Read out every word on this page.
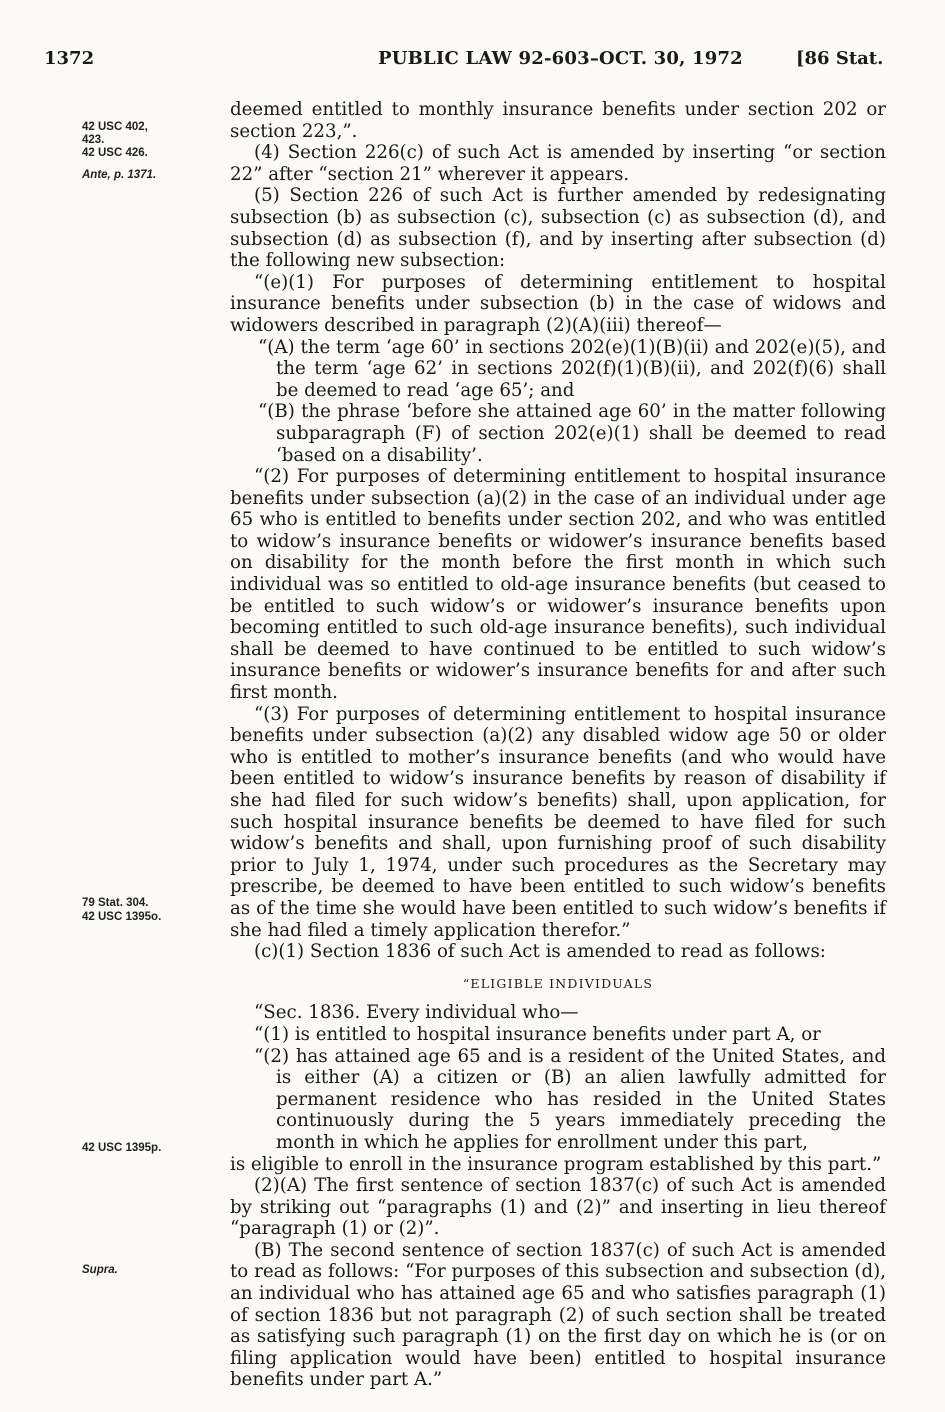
1372	PUBLIC LAW 92-603–OCT. 30, 1972	[86 Stat.
42 USC 402,
423.
42 USC 426.
Ante, p. 1371.
79 Stat. 304.
42 USC 1395o.
42 USC 1395p.
Supra.

deemed entitled to monthly insurance benefits under section 202 or section 223,”.

(4) Section 226(c) of such Act is amended by inserting “or section 22” after “section 21” wherever it appears.

(5) Section 226 of such Act is further amended by redesignating subsection (b) as subsection (c), subsection (c) as subsection (d), and subsection (d) as subsection (f), and by inserting after subsection (d) the following new subsection:

“(e)(1) For purposes of determining entitlement to hospital insurance benefits under subsection (b) in the case of widows and widowers described in paragraph (2)(A)(iii) thereof—

“(A) the term ‘age 60’ in sections 202(e)(1)(B)(ii) and 202(e)(5), and the term ‘age 62’ in sections 202(f)(1)(B)(ii), and 202(f)(6) shall be deemed to read ‘age 65’; and

“(B) the phrase ‘before she attained age 60’ in the matter following subparagraph (F) of section 202(e)(1) shall be deemed to read ‘based on a disability’.

“(2) For purposes of determining entitlement to hospital insurance benefits under subsection (a)(2) in the case of an individual under age 65 who is entitled to benefits under section 202, and who was entitled to widow’s insurance benefits or widower’s insurance benefits based on disability for the month before the first month in which such individual was so entitled to old-age insurance benefits (but ceased to be entitled to such widow’s or widower’s insurance benefits upon becoming entitled to such old-age insurance benefits), such individual shall be deemed to have continued to be entitled to such widow’s insurance benefits or widower’s insurance benefits for and after such first month.

“(3) For purposes of determining entitlement to hospital insurance benefits under subsection (a)(2) any disabled widow age 50 or older who is entitled to mother’s insurance benefits (and who would have been entitled to widow’s insurance benefits by reason of disability if she had filed for such widow’s benefits) shall, upon application, for such hospital insurance benefits be deemed to have filed for such widow’s benefits and shall, upon furnishing proof of such disability prior to July 1, 1974, under such procedures as the Secretary may prescribe, be deemed to have been entitled to such widow’s benefits as of the time she would have been entitled to such widow’s benefits if she had filed a timely application therefor.”

(c)(1) Section 1836 of such Act is amended to read as follows:

“ELIGIBLE INDIVIDUALS

“Sec. 1836. Every individual who—

“(1) is entitled to hospital insurance benefits under part A, or

“(2) has attained age 65 and is a resident of the United States, and is either (A) a citizen or (B) an alien lawfully admitted for permanent residence who has resided in the United States continuously during the 5 years immediately preceding the month in which he applies for enrollment under this part,

is eligible to enroll in the insurance program established by this part.”

(2)(A) The first sentence of section 1837(c) of such Act is amended by striking out “paragraphs (1) and (2)” and inserting in lieu thereof “paragraph (1) or (2)”.

(B) The second sentence of section 1837(c) of such Act is amended to read as follows: “For purposes of this subsection and subsection (d), an individual who has attained age 65 and who satisfies paragraph (1) of section 1836 but not paragraph (2) of such section shall be treated as satisfying such paragraph (1) on the first day on which he is (or on filing application would have been) entitled to hospital insurance benefits under part A.”
